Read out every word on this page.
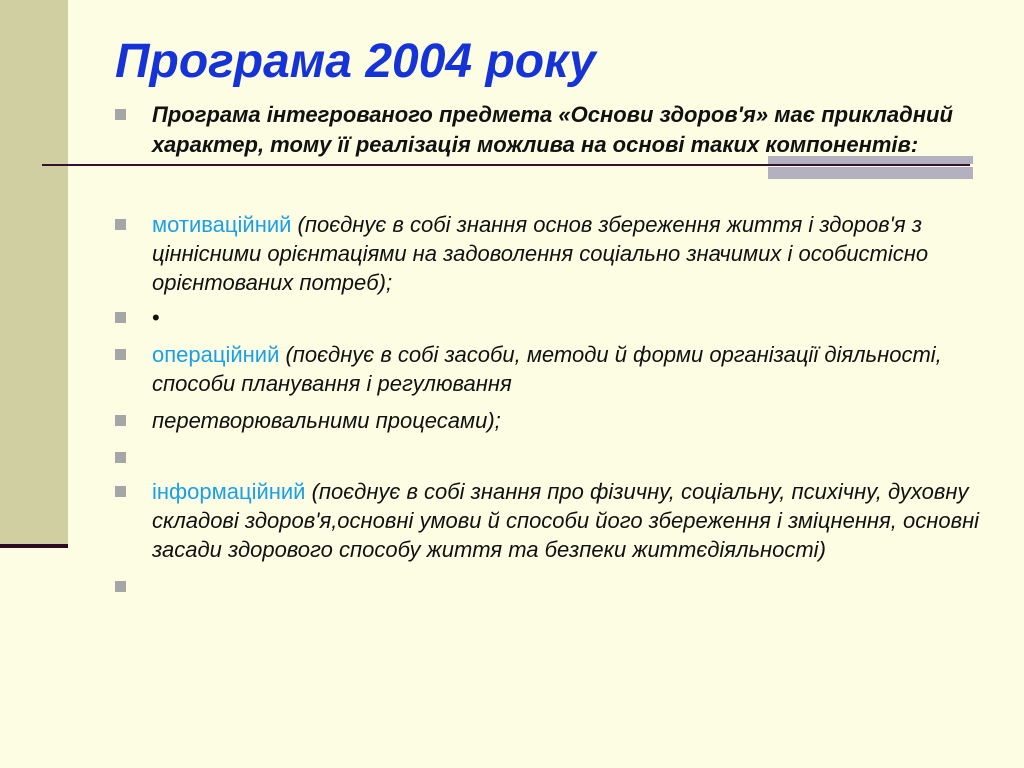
Програма 2004 року
Програма інтегрованого предмета «Основи здоров'я» має прикладний характер, тому її реалізація можлива на основі таких компонентів:
мотиваційний (поєднує в собі знання основ збереження життя і здоров'я з ціннісними орієнтаціями на задоволення соціально значимих і особистісно орієнтованих потреб);
•
операційний (поєднує в собі засоби, методи й форми організації діяльності, способи планування і регулювання
перетворювальними процесами);
інформаційний (поєднує в собі знання про фізичну, соціальну, психічну, духовну складові здоров'я,основні умови й способи його збереження і зміцнення, основні засади здорового способу життя та безпеки життєдіяльності)
